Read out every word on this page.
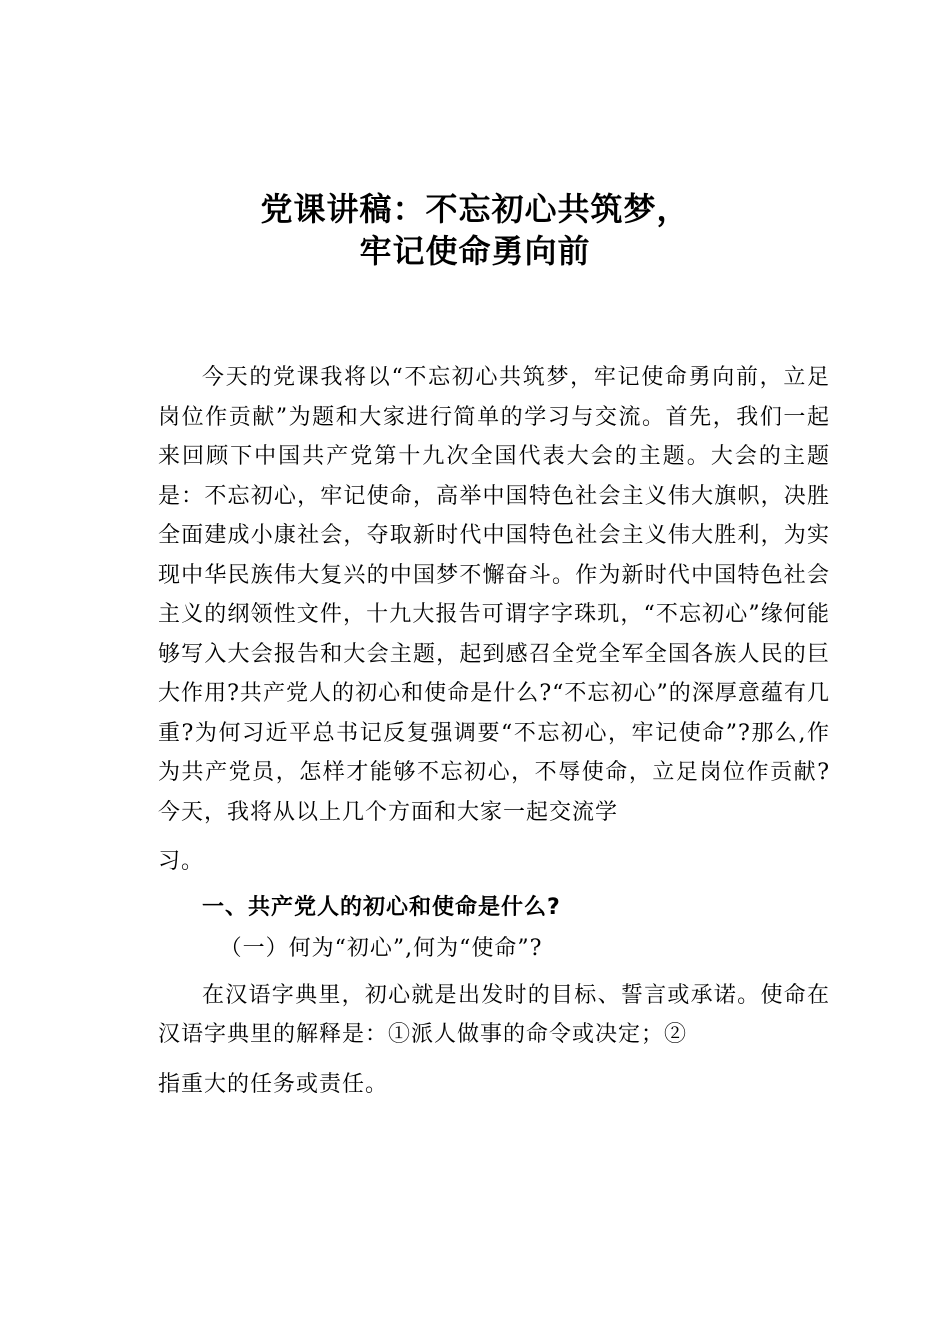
党课讲稿：不忘初心共筑梦，
牢记使命勇向前

今天的党课我将以“不忘初心共筑梦，牢记使命勇向前，立足岗位作贡献”为题和大家进行简单的学习与交流。首先，我们一起来回顾下中国共产党第十九次全国代表大会的主题。大会的主题是：不忘初心，牢记使命，高举中国特色社会主义伟大旗帜，决胜全面建成小康社会，夺取新时代中国特色社会主义伟大胜利，为实现中华民族伟大复兴的中国梦不懈奋斗。作为新时代中国特色社会主义的纲领性文件，十九大报告可谓字字珠玑，“不忘初心”缘何能够写入大会报告和大会主题，起到感召全党全军全国各族人民的巨大作用?共产党人的初心和使命是什么?“不忘初心”的深厚意蕴有几重?为何习近平总书记反复强调要“不忘初心，牢记使命”?那么,作为共产党员，怎样才能够不忘初心，不辱使命，立足岗位作贡献?今天，我将从以上几个方面和大家一起交流学
习。

一、共产党人的初心和使命是什么?

（一）何为“初心”,何为“使命”?

在汉语字典里，初心就是出发时的目标、誓言或承诺。使命在汉语字典里的解释是：①派人做事的命令或决定；②
指重大的任务或责任。
